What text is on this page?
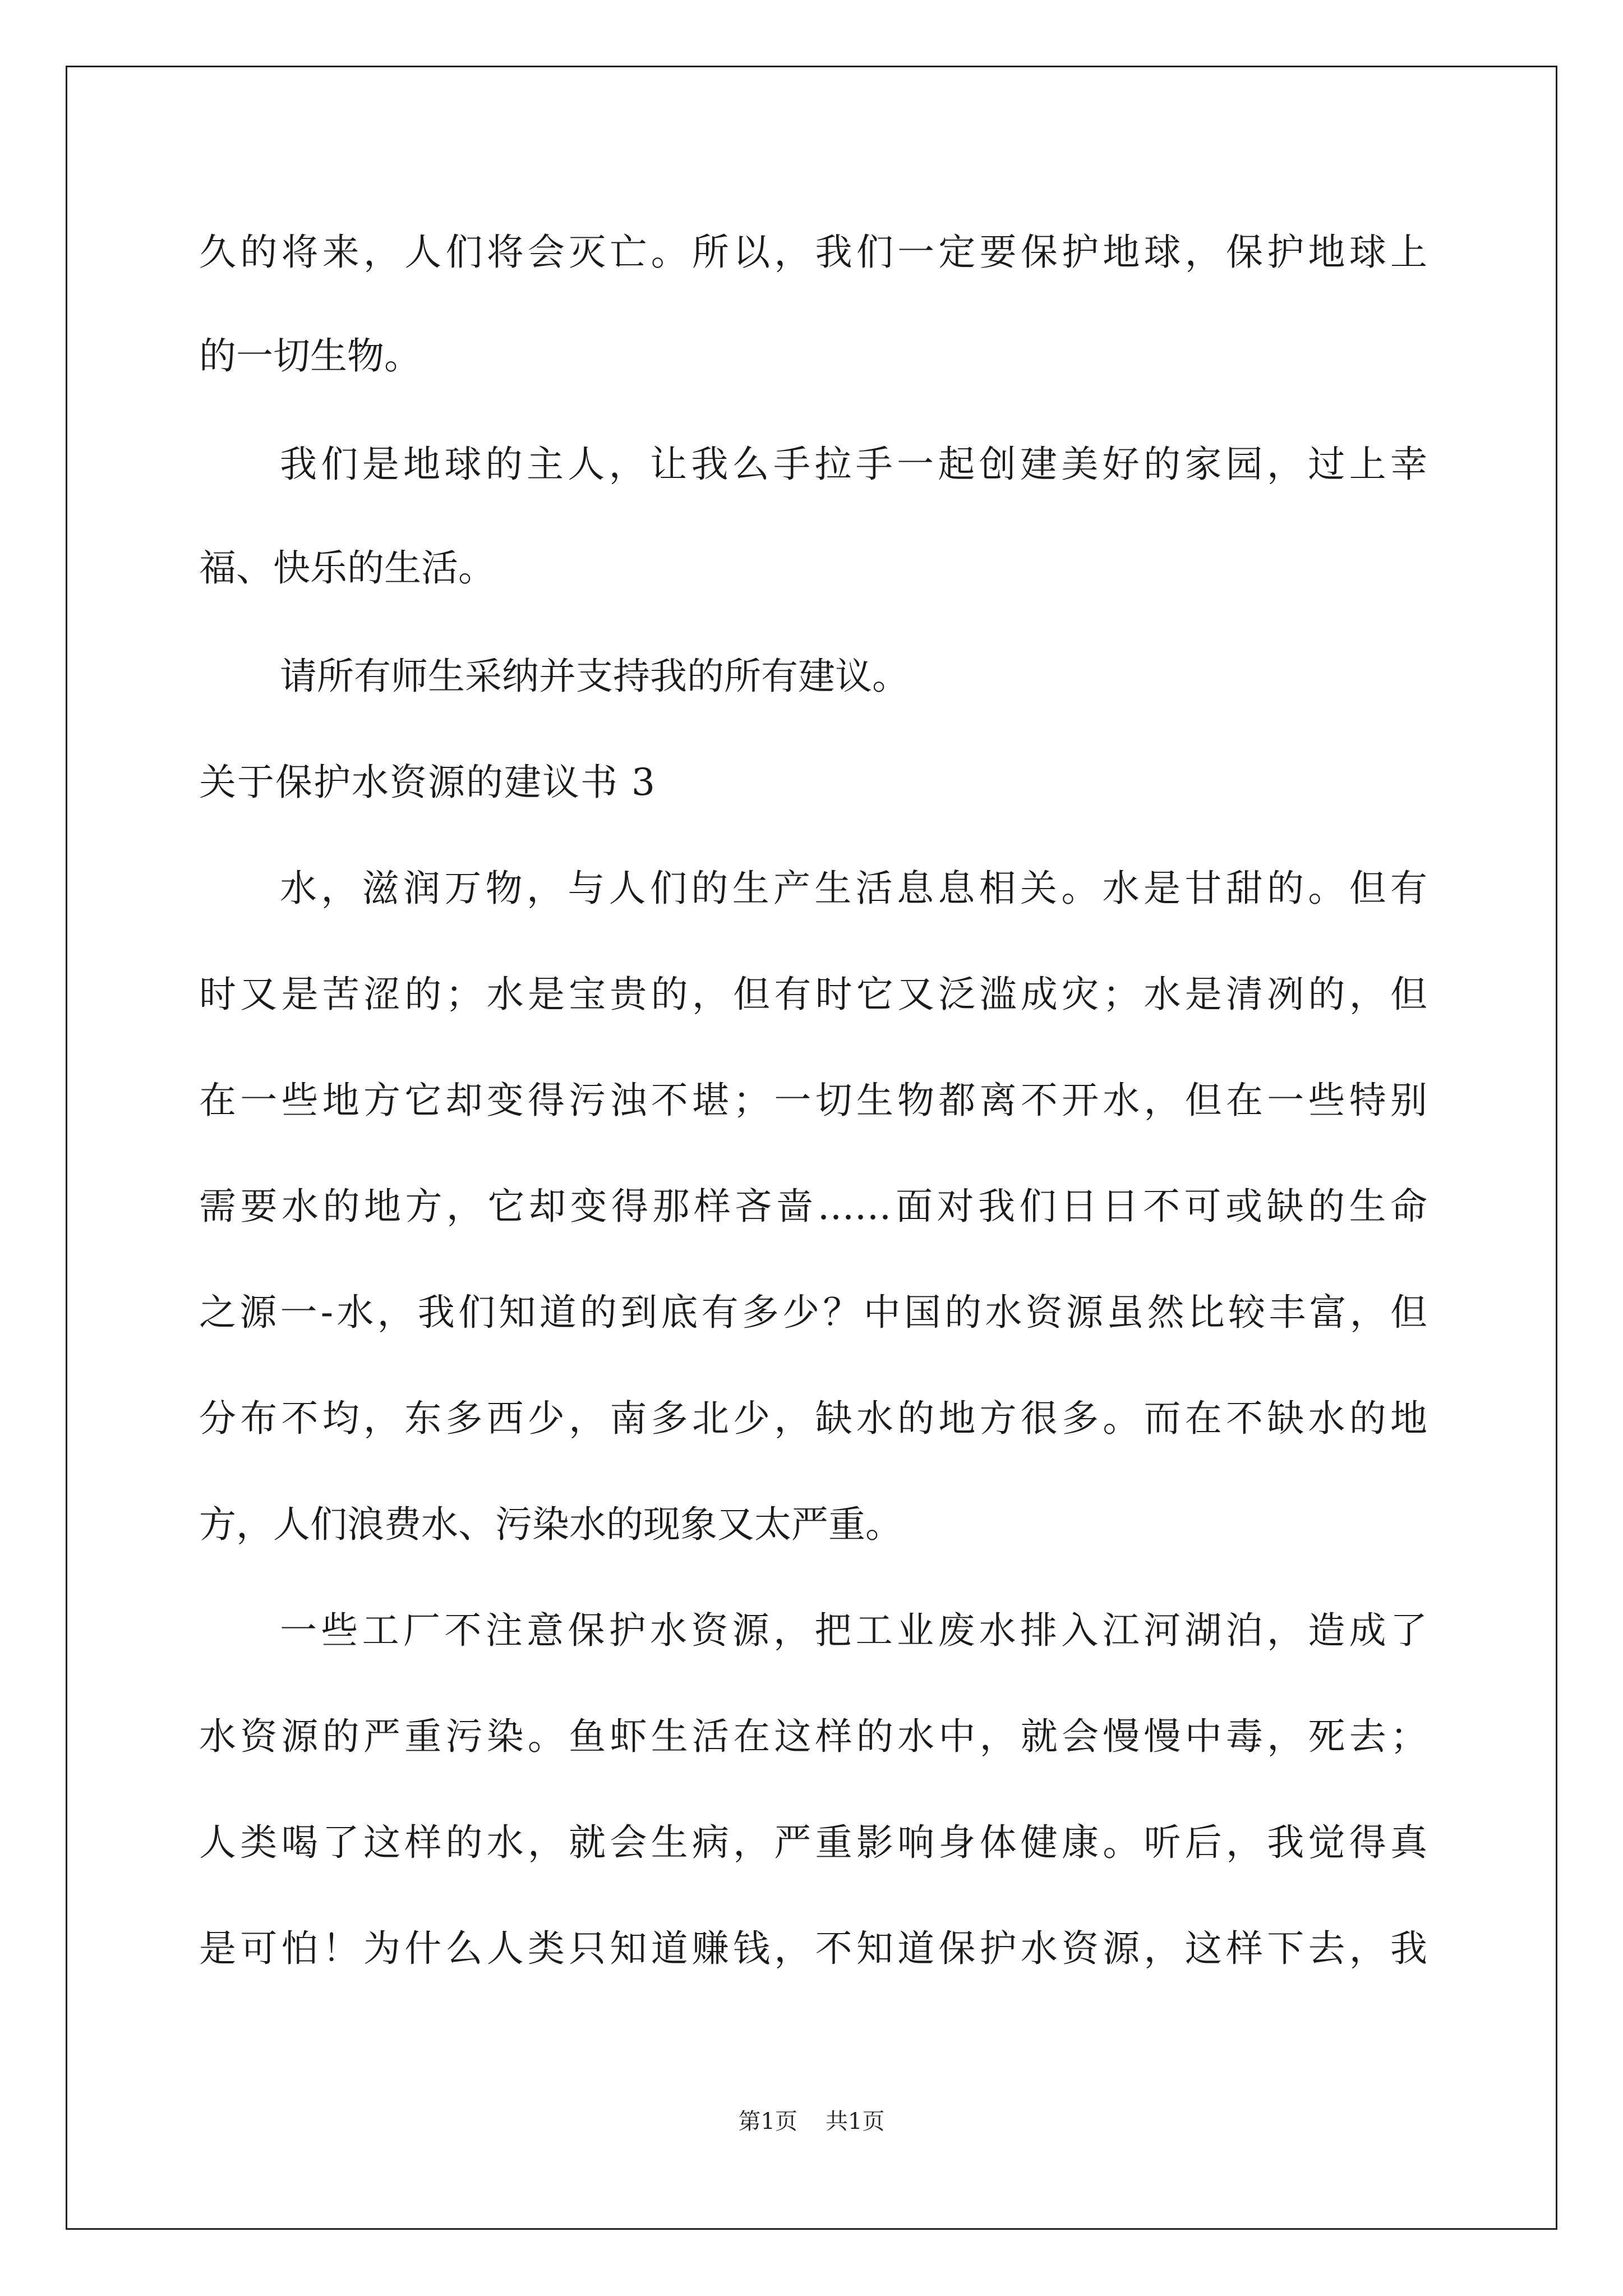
久的将来，人们将会灭亡。所以，我们一定要保护地球，保护地球上
的一切生物。
我们是地球的主人，让我么手拉手一起创建美好的家园，过上幸
福、快乐的生活。
请所有师生采纳并支持我的所有建议。
关于保护水资源的建议书 3
水，滋润万物，与人们的生产生活息息相关。水是甘甜的。但有
时又是苦涩的；水是宝贵的，但有时它又泛滥成灾；水是清冽的，但
在一些地方它却变得污浊不堪；一切生物都离不开水，但在一些特别
需要水的地方，它却变得那样吝啬……面对我们日日不可或缺的生命
之源一-水，我们知道的到底有多少？中国的水资源虽然比较丰富，但
分布不均，东多西少，南多北少，缺水的地方很多。而在不缺水的地
方，人们浪费水、污染水的现象又太严重。
一些工厂不注意保护水资源，把工业废水排入江河湖泊，造成了
水资源的严重污染。鱼虾生活在这样的水中，就会慢慢中毒，死去；
人类喝了这样的水，就会生病，严重影响身体健康。听后，我觉得真
是可怕！为什么人类只知道赚钱，不知道保护水资源，这样下去，我
第1页 共1页
